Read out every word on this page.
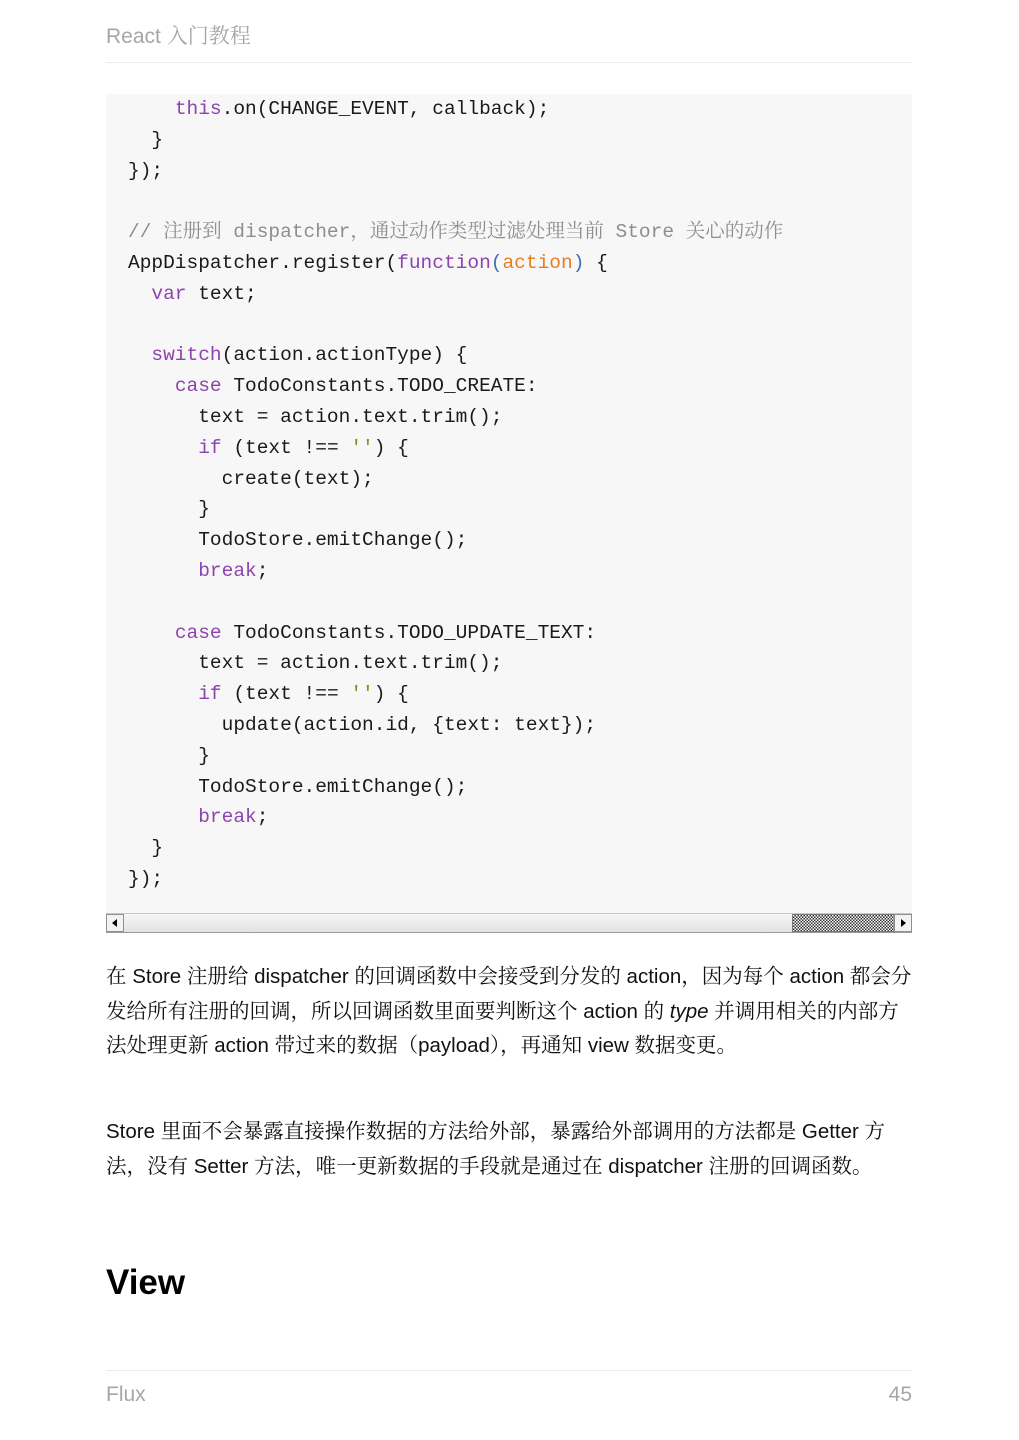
React 入门教程
this.on(CHANGE_EVENT, callback);
}
});
// 注册到 dispatcher，通过动作类型过滤处理当前 Store 关心的动作
AppDispatcher.register(function(action) {
var text;
switch(action.actionType) {
case TodoConstants.TODO_CREATE:
text = action.text.trim();
if (text !== '') {
create(text);
}
TodoStore.emitChange();
break;
case TodoConstants.TODO_UPDATE_TEXT:
text = action.text.trim();
if (text !== '') {
update(action.id, {text: text});
}
TodoStore.emitChange();
break;
}
});

在 Store 注册给 dispatcher 的回调函数中会接受到分发的 action，因为每个 action 都会分发给所有注册的回调，所以回调函数里面要判断这个 action 的 type 并调用相关的内部方法处理更新 action 带过来的数据（payload），再通知 view 数据变更。

Store 里面不会暴露直接操作数据的方法给外部，暴露给外部调用的方法都是 Getter 方法，没有 Setter 方法，唯一更新数据的手段就是通过在 dispatcher 注册的回调函数。

View
Flux	45
